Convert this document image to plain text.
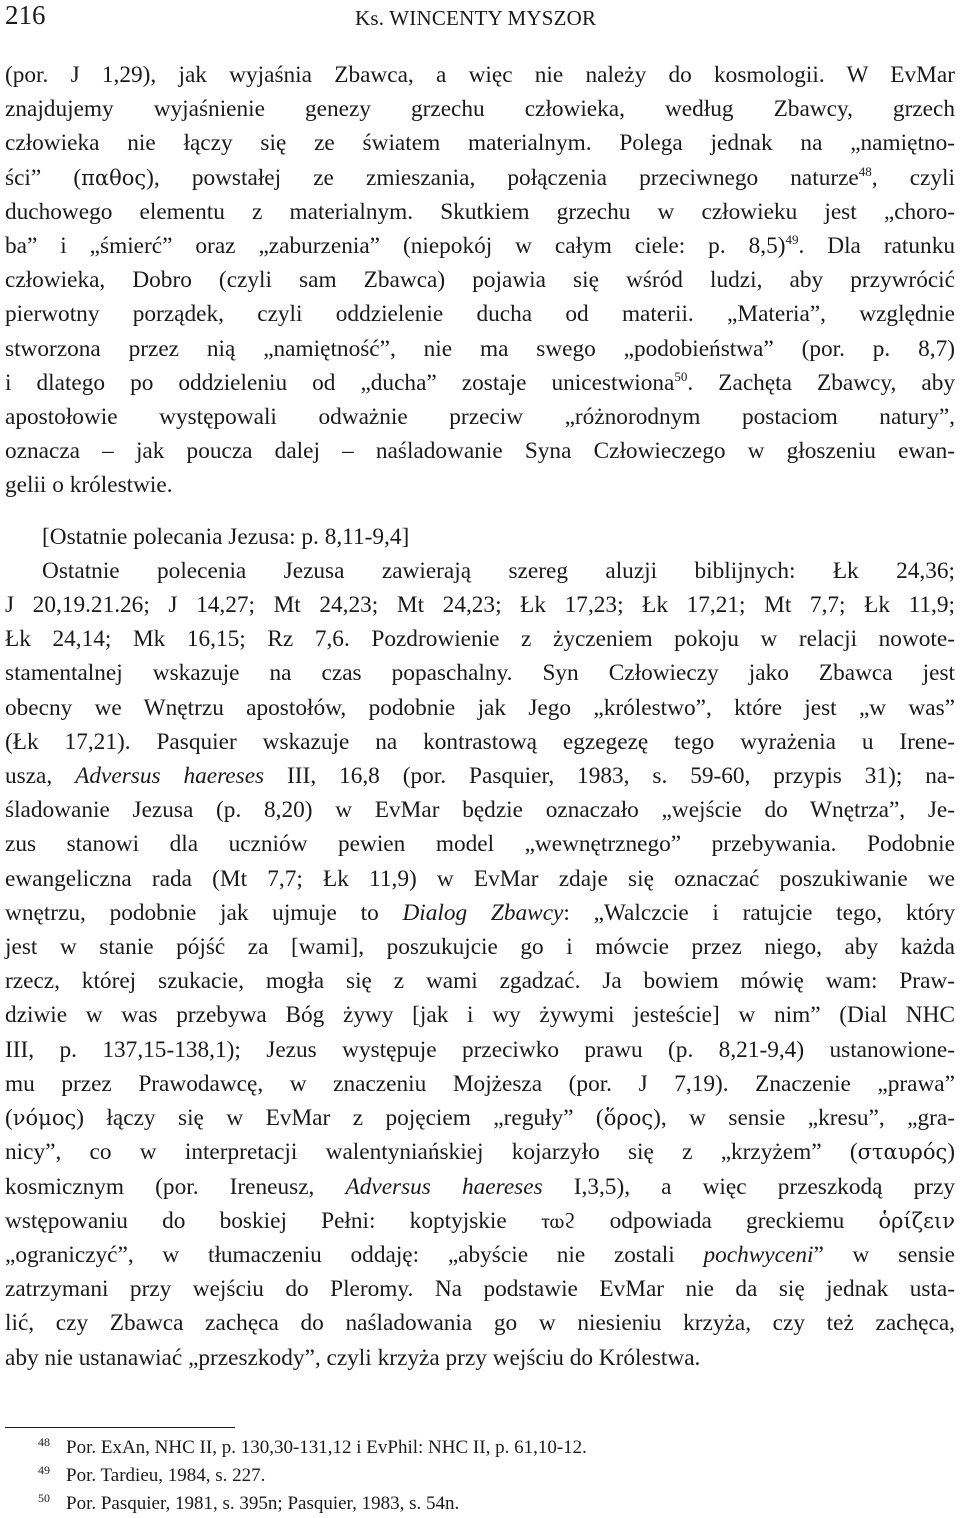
216	Ks. WINCENTY MYSZOR
(por. J 1,29), jak wyjaśnia Zbawca, a więc nie należy do kosmologii. W EvMar
znajdujemy wyjaśnienie genezy grzechu człowieka, według Zbawcy, grzech
człowieka nie łączy się ze światem materialnym. Polega jednak na „namiętno-
ści” (παθος), powstałej ze zmieszania, połączenia przeciwnego naturze$^{48}$, czyli
duchowego elementu z materialnym. Skutkiem grzechu w człowieku jest „choro-
ba” i „śmierć” oraz „zaburzenia” (niepokój w całym ciele: p. 8,5)$^{49}$. Dla ratunku
człowieka, Dobro (czyli sam Zbawca) pojawia się wśród ludzi, aby przywrócić
pierwotny porządek, czyli oddzielenie ducha od materii. „Materia”, względnie
stworzona przez nią „namiętność”, nie ma swego „podobieństwa” (por. p. 8,7)
i dlatego po oddzieleniu od „ducha” zostaje unicestwiona$^{50}$. Zachęta Zbawcy, aby
apostołowie występowali odważnie przeciw „różnorodnym postaciom natury”,
oznacza – jak poucza dalej – naśladowanie Syna Człowieczego w głoszeniu ewan-
gelii o królestwie.
[Ostatnie polecania Jezusa: p. 8,11-9,4]
Ostatnie polecenia Jezusa zawierają szereg aluzji biblijnych: Łk 24,36;
J 20,19.21.26; J 14,27; Mt 24,23; Mt 24,23; Łk 17,23; Łk 17,21; Mt 7,7; Łk 11,9;
Łk 24,14; Mk 16,15; Rz 7,6. Pozdrowienie z życzeniem pokoju w relacji nowote-
stamentalnej wskazuje na czas popaschalny. Syn Człowieczy jako Zbawca jest
obecny we Wnętrzu apostołów, podobnie jak Jego „królestwo”, które jest „w was”
(Łk 17,21). Pasquier wskazuje na kontrastową egzegezę tego wyrażenia u Irene-
usza, Adversus haereses III, 16,8 (por. Pasquier, 1983, s. 59-60, przypis 31); na-
śladowanie Jezusa (p. 8,20) w EvMar będzie oznaczało „wejście do Wnętrza”, Je-
zus stanowi dla uczniów pewien model „wewnętrznego” przebywania. Podobnie
ewangeliczna rada (Mt 7,7; Łk 11,9) w EvMar zdaje się oznaczać poszukiwanie we
wnętrzu, podobnie jak ujmuje to Dialog Zbawcy: „Walczcie i ratujcie tego, który
jest w stanie pójść za [wami], poszukujcie go i mówcie przez niego, aby każda
rzecz, której szukacie, mogła się z wami zgadzać. Ja bowiem mówię wam: Praw-
dziwie w was przebywa Bóg żywy [jak i wy żywymi jesteście] w nim” (Dial NHC
III, p. 137,15-138,1); Jezus występuje przeciwko prawu (p. 8,21-9,4) ustanowione-
mu przez Prawodawcę, w znaczeniu Mojżesza (por. J 7,19). Znaczenie „prawa”
(νόμος) łączy się w EvMar z pojęciem „reguły” (ὅρος), w sensie „kresu”, „gra-
nicy”, co w interpretacji walentyniańskiej kojarzyło się z „krzyżem” (σταυρός)
kosmicznym (por. Ireneusz, Adversus haereses I,3,5), a więc przeszkodą przy
wstępowaniu do boskiej Pełni: koptyjskie ⲧⲱϩ odpowiada greckiemu ὁρίζειν
„ograniczyć”, w tłumaczeniu oddaję: „abyście nie zostali pochwyceni” w sensie
zatrzymani przy wejściu do Pleromy. Na podstawie EvMar nie da się jednak usta-
lić, czy Zbawca zachęca do naśladowania go w niesieniu krzyża, czy też zachęca,
aby nie ustanawiać „przeszkody”, czyli krzyża przy wejściu do Królestwa.
48 Por. ExAn, NHC II, p. 130,30-131,12 i EvPhil: NHC II, p. 61,10-12.
49 Por. Tardieu, 1984, s. 227.
50 Por. Pasquier, 1981, s. 395n; Pasquier, 1983, s. 54n.
